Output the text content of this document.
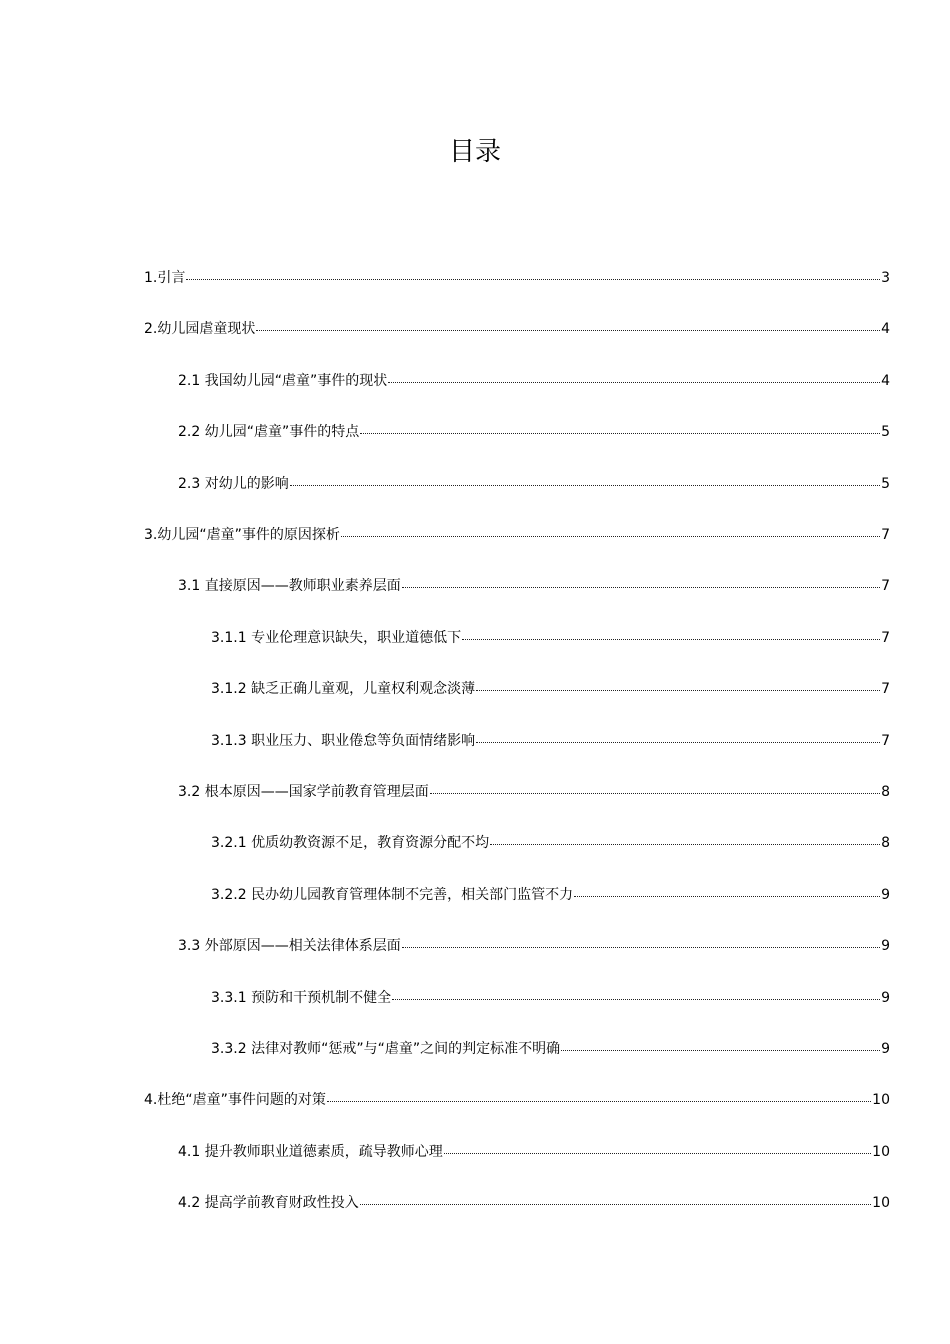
目录
1.引言	3
2.幼儿园虐童现状	4
2.1 我国幼儿园“虐童”事件的现状	4
2.2 幼儿园“虐童”事件的特点	5
2.3 对幼儿的影响	5
3.幼儿园“虐童”事件的原因探析	7
3.1 直接原因——教师职业素养层面	7
3.1.1 专业伦理意识缺失，职业道德低下	7
3.1.2 缺乏正确儿童观，儿童权利观念淡薄	7
3.1.3 职业压力、职业倦怠等负面情绪影响	7
3.2 根本原因——国家学前教育管理层面	8
3.2.1 优质幼教资源不足，教育资源分配不均	8
3.2.2 民办幼儿园教育管理体制不完善，相关部门监管不力	9
3.3 外部原因——相关法律体系层面	9
3.3.1 预防和干预机制不健全	9
3.3.2 法律对教师“惩戒”与“虐童”之间的判定标准不明确	9
4.杜绝“虐童”事件问题的对策	10
4.1 提升教师职业道德素质，疏导教师心理	10
4.2 提高学前教育财政性投入	10
